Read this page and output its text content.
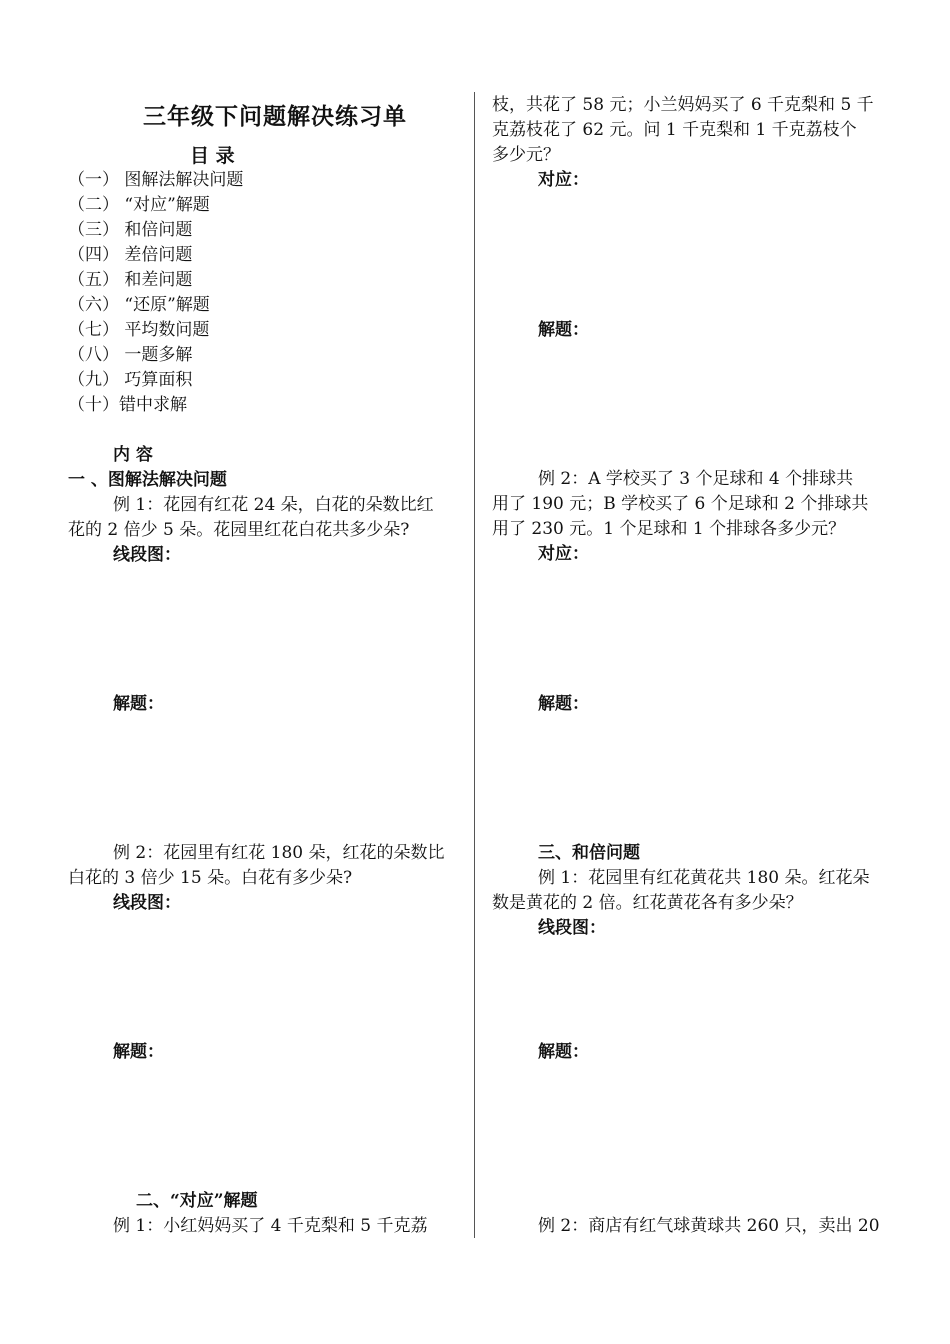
三年级下问题解决练习单
目 录
（一） 图解法解决问题
（二） “对应”解题
（三） 和倍问题
（四） 差倍问题
（五） 和差问题
（六） “还原”解题
（七） 平均数问题
（八） 一题多解
（九） 巧算面积
（十）错中求解
内 容
一 、图解法解决问题
例 1：花园有红花 24 朵，白花的朵数比红
花的 2 倍少 5 朵。花园里红花白花共多少朵?
线段图：
解题：
例 2：花园里有红花 180 朵，红花的朵数比
白花的 3 倍少 15 朵。白花有多少朵?
线段图：
解题：
二、“对应”解题
例 1：小红妈妈买了 4 千克梨和 5 千克荔
枝，共花了 58 元；小兰妈妈买了 6 千克梨和 5 千
克荔枝花了 62 元。问 1 千克梨和 1 千克荔枝个
多少元？
对应：
解题：
例 2：A 学校买了 3 个足球和 4 个排球共
用了 190 元；B 学校买了 6 个足球和 2 个排球共
用了 230 元。1 个足球和 1 个排球各多少元？
对应：
解题：
三、和倍问题
例 1：花园里有红花黄花共 180 朵。红花朵
数是黄花的 2 倍。红花黄花各有多少朵？
线段图：
解题：
例 2：商店有红气球黄球共 260 只，卖出 20
